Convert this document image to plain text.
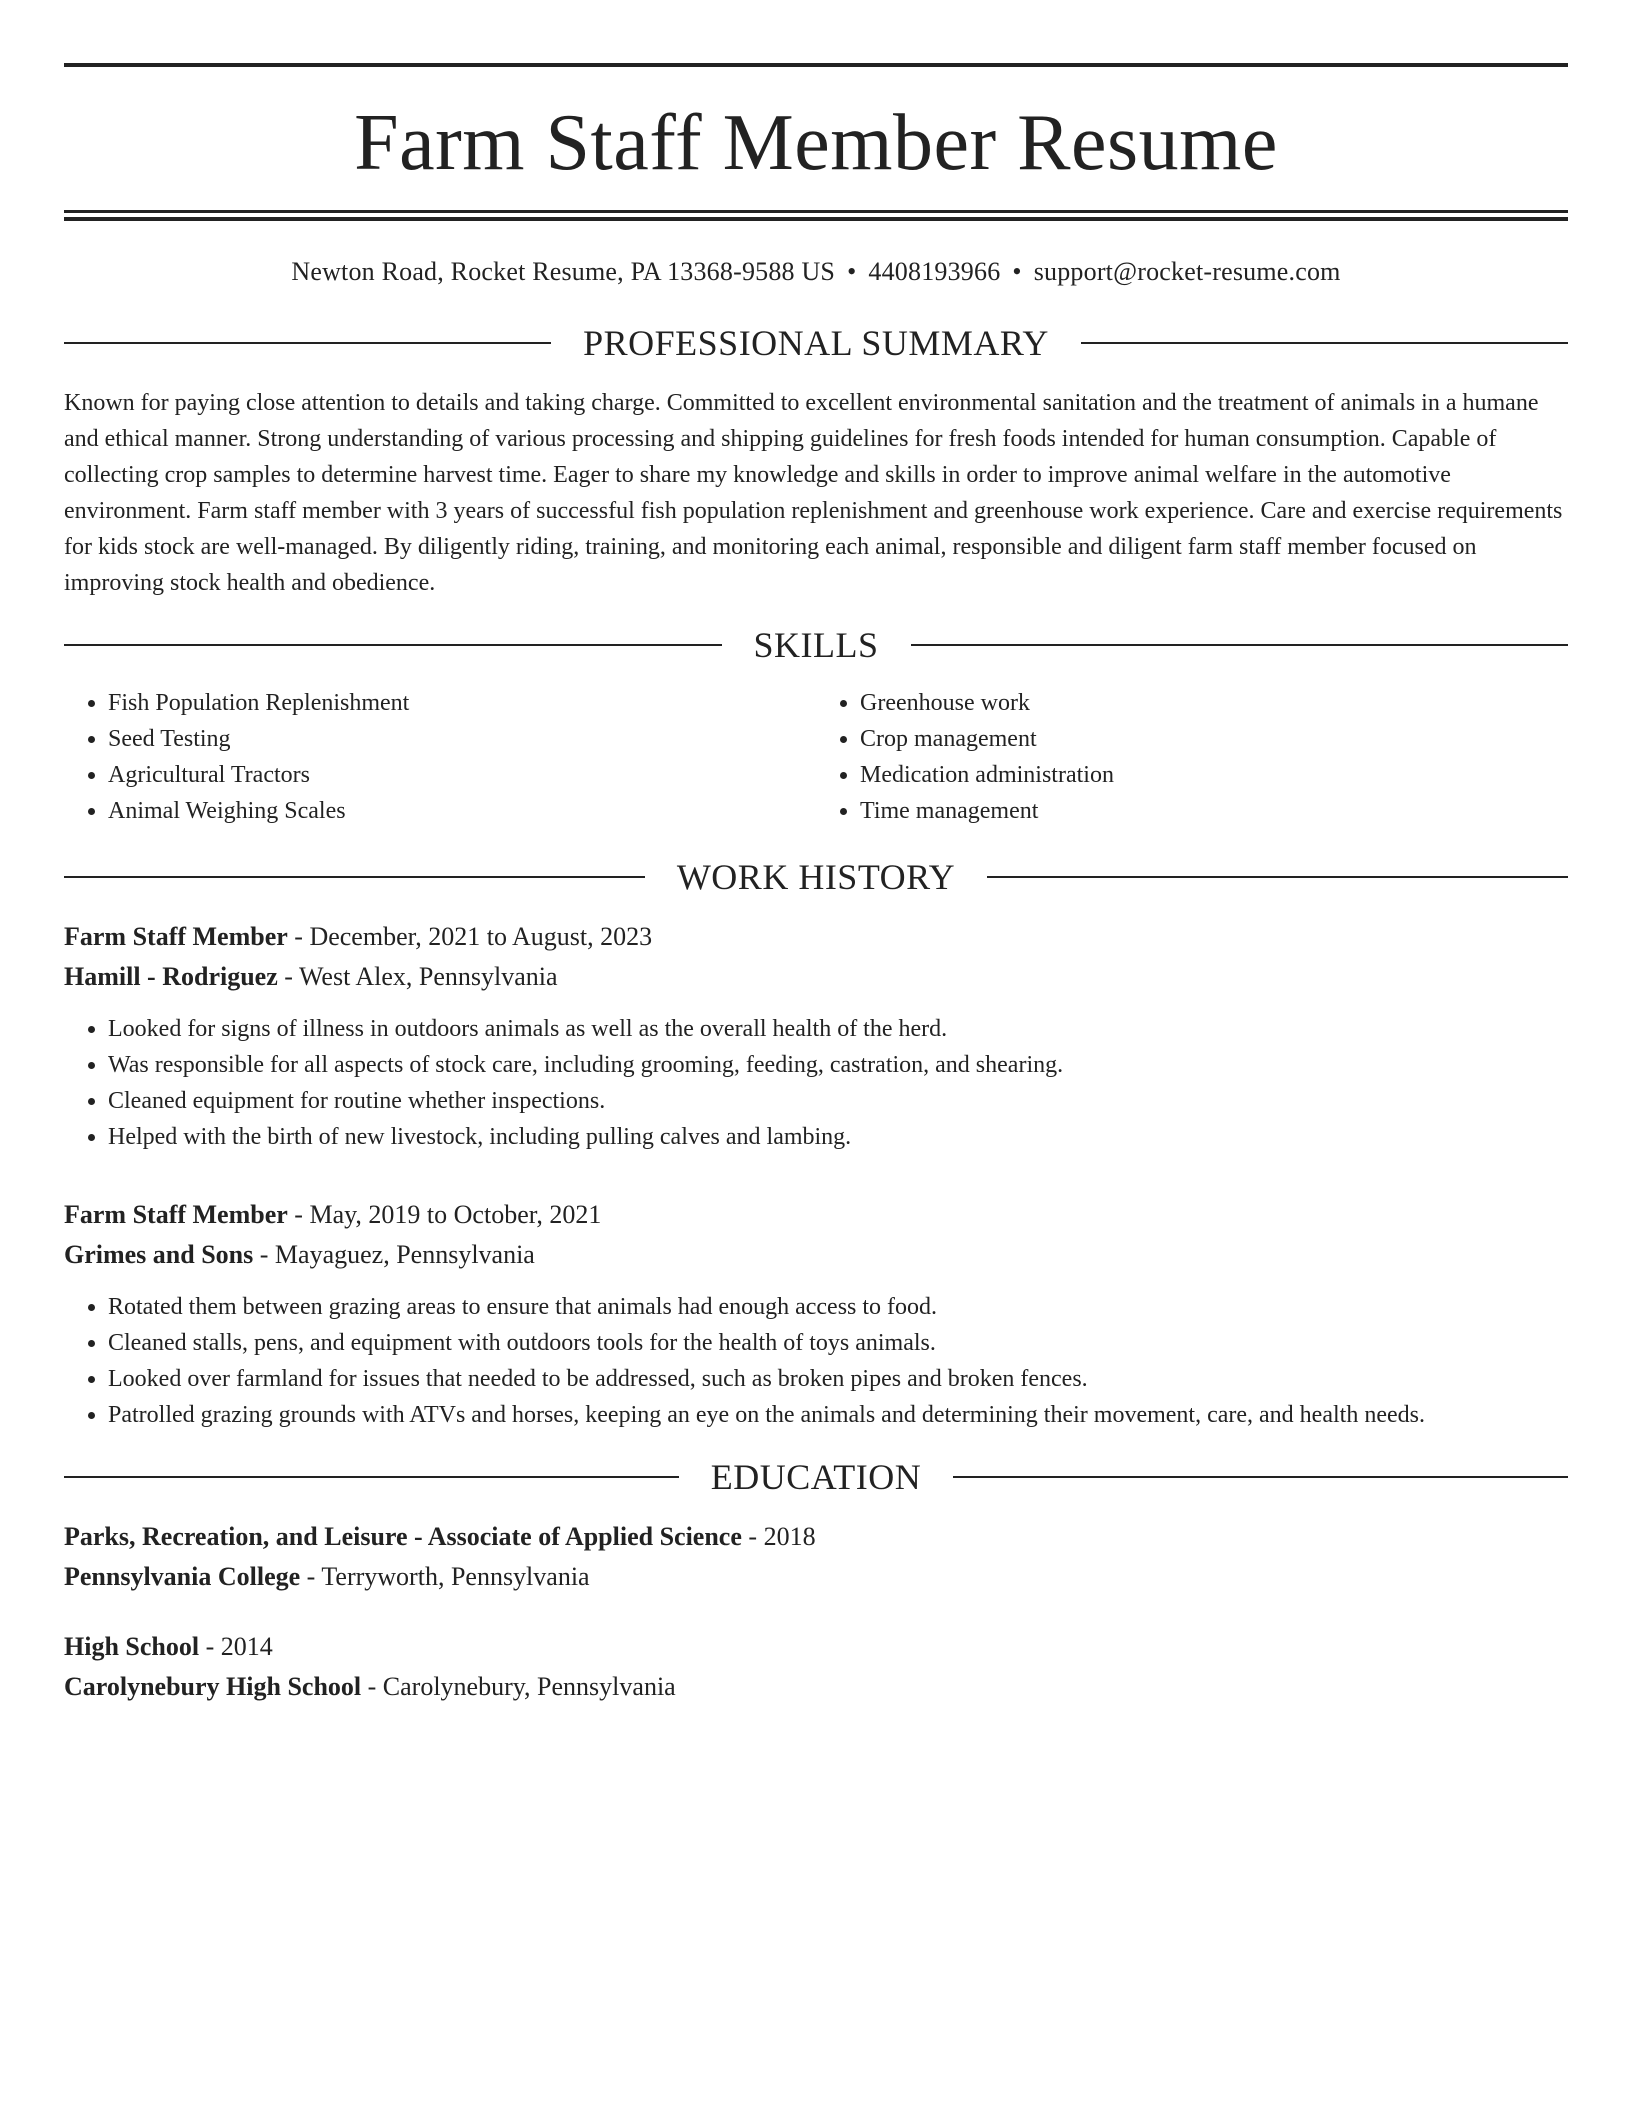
Farm Staff Member Resume
Newton Road, Rocket Resume, PA 13368-9588 US • 4408193966 • support@rocket-resume.com
PROFESSIONAL SUMMARY
Known for paying close attention to details and taking charge. Committed to excellent environmental sanitation and the treatment of animals in a humane and ethical manner. Strong understanding of various processing and shipping guidelines for fresh foods intended for human consumption. Capable of collecting crop samples to determine harvest time. Eager to share my knowledge and skills in order to improve animal welfare in the automotive environment. Farm staff member with 3 years of successful fish population replenishment and greenhouse work experience. Care and exercise requirements for kids stock are well-managed. By diligently riding, training, and monitoring each animal, responsible and diligent farm staff member focused on improving stock health and obedience.
SKILLS
• Fish Population Replenishment
• Seed Testing
• Agricultural Tractors
• Animal Weighing Scales
• Greenhouse work
• Crop management
• Medication administration
• Time management
WORK HISTORY
Farm Staff Member - December, 2021 to August, 2023
Hamill - Rodriguez - West Alex, Pennsylvania
• Looked for signs of illness in outdoors animals as well as the overall health of the herd.
• Was responsible for all aspects of stock care, including grooming, feeding, castration, and shearing.
• Cleaned equipment for routine whether inspections.
• Helped with the birth of new livestock, including pulling calves and lambing.
Farm Staff Member - May, 2019 to October, 2021
Grimes and Sons - Mayaguez, Pennsylvania
• Rotated them between grazing areas to ensure that animals had enough access to food.
• Cleaned stalls, pens, and equipment with outdoors tools for the health of toys animals.
• Looked over farmland for issues that needed to be addressed, such as broken pipes and broken fences.
• Patrolled grazing grounds with ATVs and horses, keeping an eye on the animals and determining their movement, care, and health needs.
EDUCATION
Parks, Recreation, and Leisure - Associate of Applied Science - 2018
Pennsylvania College - Terryworth, Pennsylvania
High School - 2014
Carolynebury High School - Carolynebury, Pennsylvania
